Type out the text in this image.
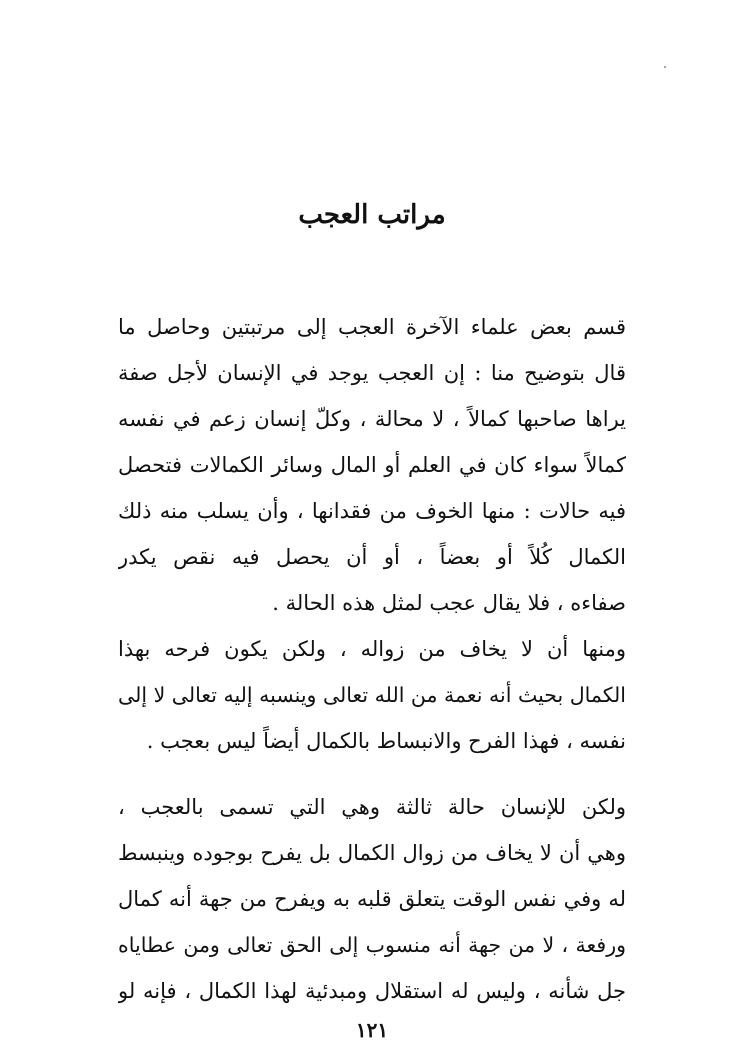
مراتب العجب
قسم بعض علماء الآخرة العجب إلى مرتبتين وحاصل ما
قال بتوضيح منا : إن العجب يوجد في الإنسان لأجل صفة
يراها صاحبها كمالاً ، لا محالة ، وكلّ إنسان زعم في نفسه
كمالاً سواء كان في العلم أو المال وسائر الكمالات فتحصل
فيه حالات : منها الخوف من فقدانها ، وأن يسلب منه ذلك
الكمال كُلاً أو بعضاً ، أو أن يحصل فيه نقص يكدر
صفاءه ، فلا يقال عجب لمثل هذه الحالة .
ومنها أن لا يخاف من زواله ، ولكن يكون فرحه بهذا
الكمال بحيث أنه نعمة من الله تعالى وينسبه إليه تعالى لا إلى
نفسه ، فهذا الفرح والانبساط بالكمال أيضاً ليس بعجب .
ولكن للإنسان حالة ثالثة وهي التي تسمى بالعجب ،
وهي أن لا يخاف من زوال الكمال بل يفرح بوجوده وينبسط
له وفي نفس الوقت يتعلق قلبه به ويفرح من جهة أنه كمال
ورفعة ، لا من جهة أنه منسوب إلى الحق تعالى ومن عطاياه
جل شأنه ، وليس له استقلال ومبدئية لهذا الكمال ، فإنه لو
١٢١
